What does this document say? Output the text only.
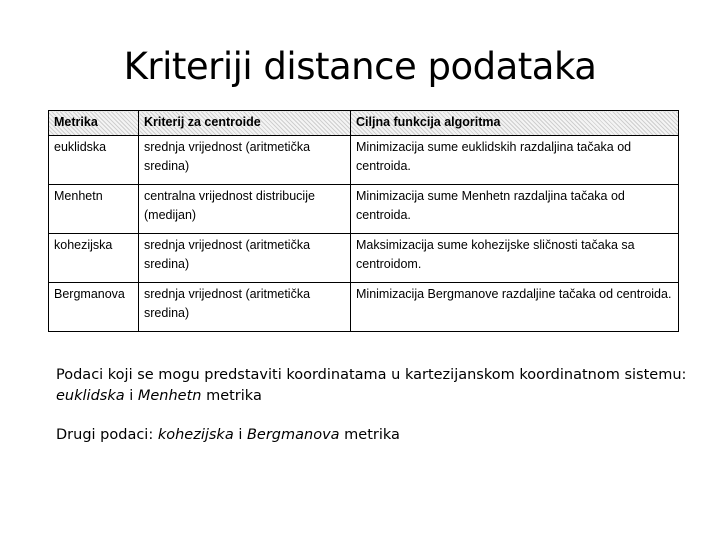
Kriteriji distance podataka
Metrika	Kriterij za centroide	Ciljna funkcija algoritma
euklidska	srednja vrijednost (aritmetička sredina)	Minimizacija sume euklidskih razdaljina tačaka od centroida.
Menhetn	centralna vrijednost distribucije (medijan)	Minimizacija sume Menhetn razdaljina tačaka od centroida.
kohezijska	srednja vrijednost (aritmetička sredina)	Maksimizacija sume kohezijske sličnosti tačaka sa centroidom.
Bergmanova	srednja vrijednost (aritmetička sredina)	Minimizacija Bergmanove razdaljine tačaka od centroida.

Podaci koji se mogu predstaviti koordinatama u kartezijanskom koordinatnom sistemu: euklidska i Menhetn metrika

Drugi podaci: kohezijska i Bergmanova metrika
